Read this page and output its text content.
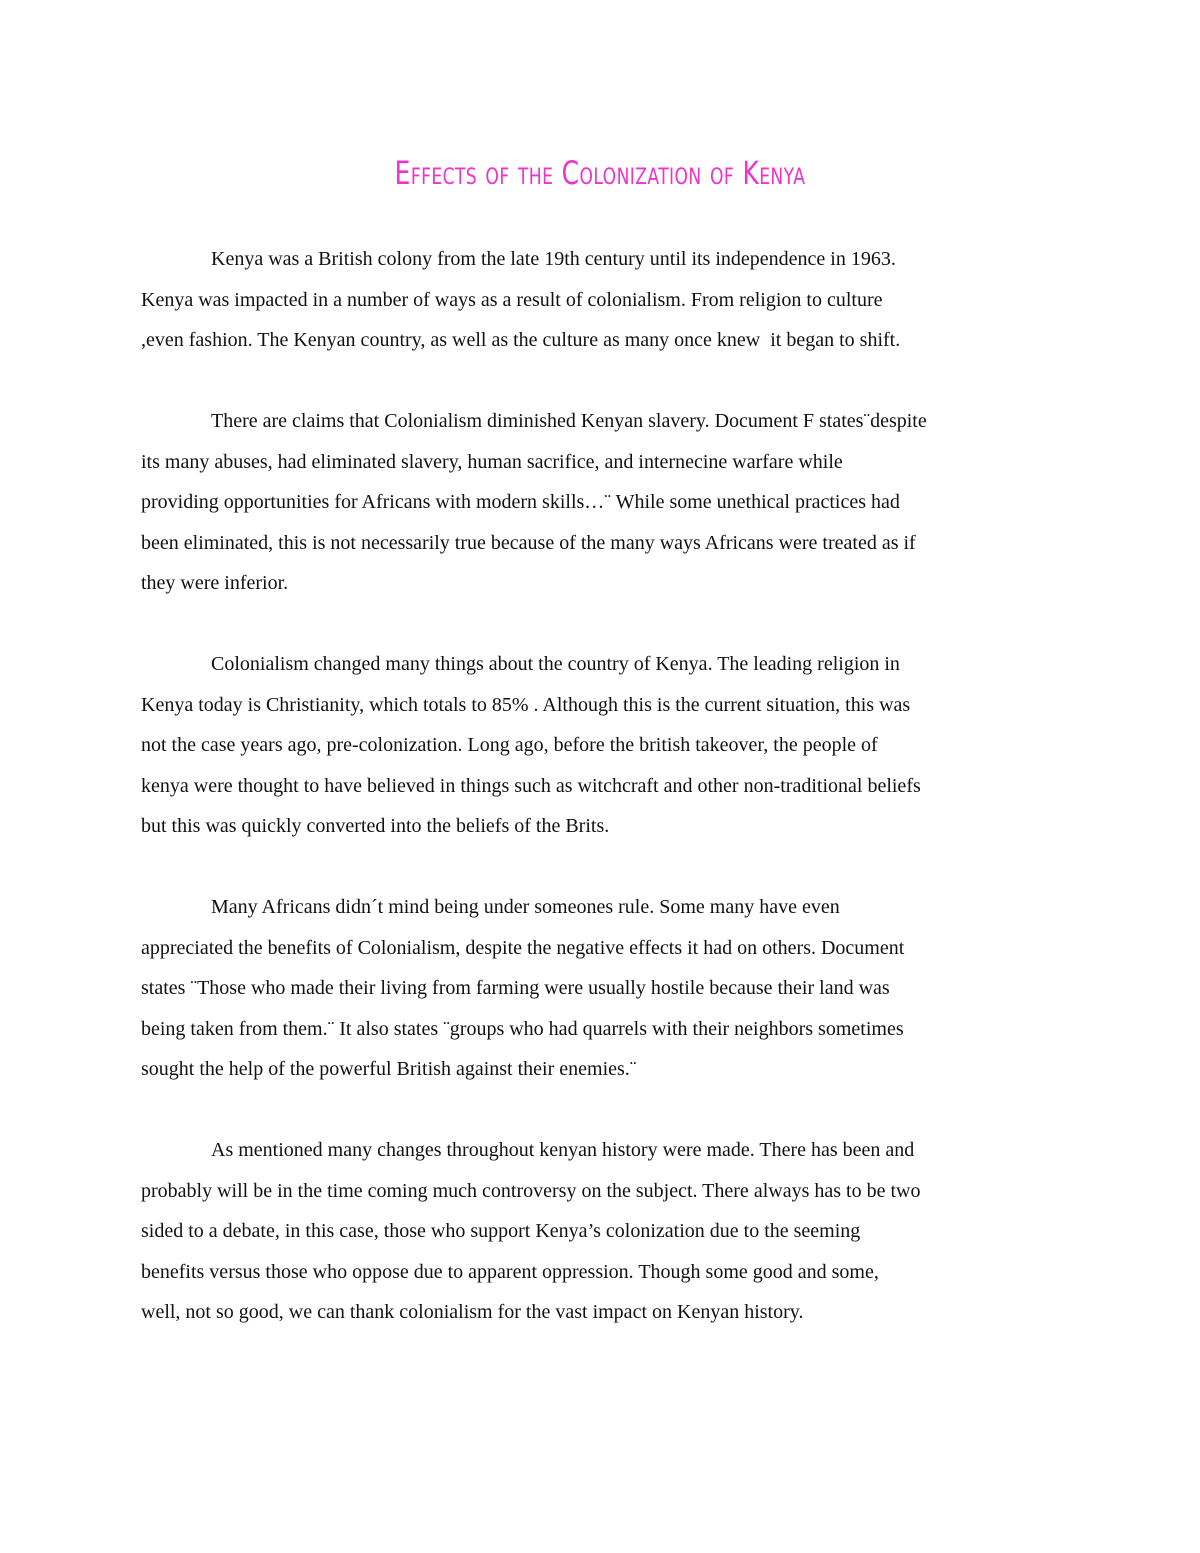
Effects of the Colonization of Kenya

Kenya was a British colony from the late 19th century until its independence in 1963.
Kenya was impacted in a number of ways as a result of colonialism. From religion to culture
,even fashion. The Kenyan country, as well as the culture as many once knew  it began to shift.

There are claims that Colonialism diminished Kenyan slavery. Document F states¨despite
its many abuses, had eliminated slavery, human sacrifice, and internecine warfare while
providing opportunities for Africans with modern skills…¨ While some unethical practices had
been eliminated, this is not necessarily true because of the many ways Africans were treated as if
they were inferior.

Colonialism changed many things about the country of Kenya. The leading religion in
Kenya today is Christianity, which totals to 85% . Although this is the current situation, this was
not the case years ago, pre-colonization. Long ago, before the british takeover, the people of
kenya were thought to have believed in things such as witchcraft and other non-traditional beliefs
but this was quickly converted into the beliefs of the Brits.

Many Africans didn´t mind being under someones rule. Some many have even
appreciated the benefits of Colonialism, despite the negative effects it had on others. Document
states ¨Those who made their living from farming were usually hostile because their land was
being taken from them.¨ It also states ¨groups who had quarrels with their neighbors sometimes
sought the help of the powerful British against their enemies.¨

As mentioned many changes throughout kenyan history were made. There has been and
probably will be in the time coming much controversy on the subject. There always has to be two
sided to a debate, in this case, those who support Kenya’s colonization due to the seeming
benefits versus those who oppose due to apparent oppression. Though some good and some,
well, not so good, we can thank colonialism for the vast impact on Kenyan history.
